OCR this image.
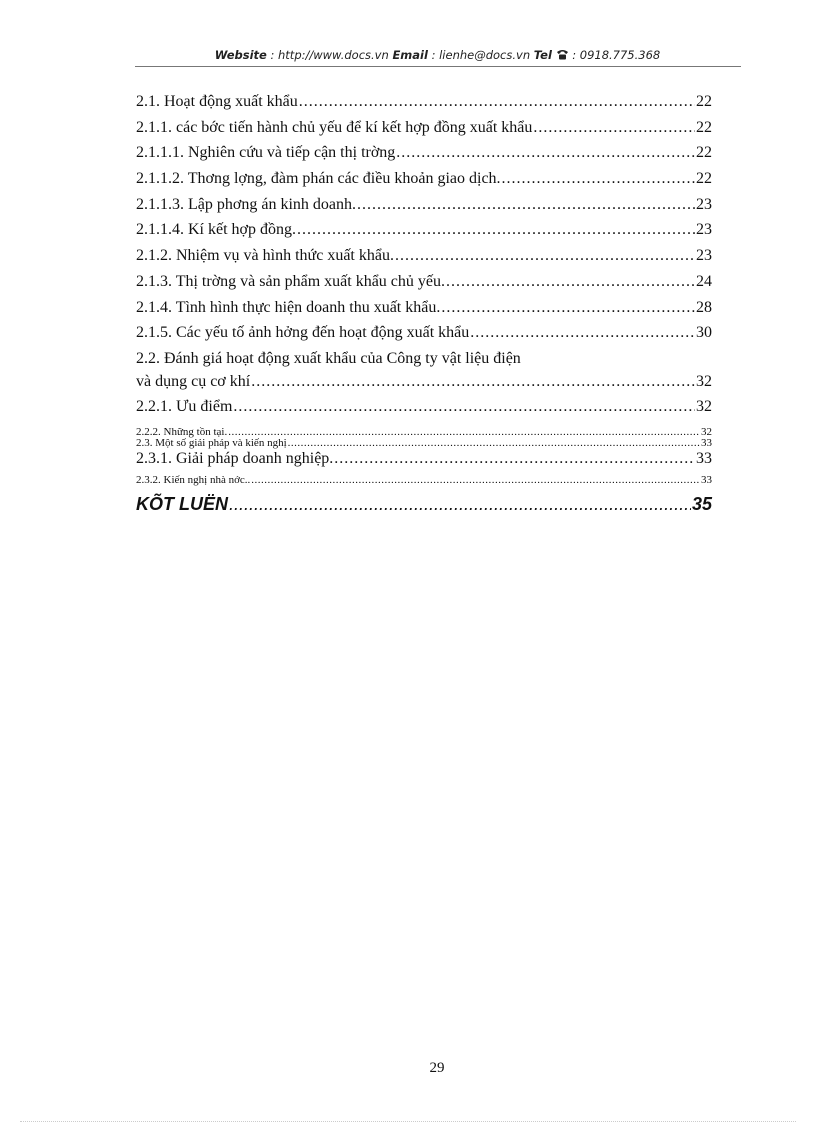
Website : http://www.docs.vn Email : lienhe@docs.vn Tel : 0918.775.368
2.1. Hoạt động xuất khẩu .....	22
2.1.1. các bớc tiến hành chủ yếu để kí kết hợp đồng xuất khẩu .....	22
2.1.1.1. Nghiên cứu và tiếp cận thị trờng .....	22
2.1.1.2. Thơng lợng, đàm phán các điều khoản giao dịch. .....	22
2.1.1.3. Lập phơng án kinh doanh. .....	23
2.1.1.4. Kí kết hợp đồng. .....	23
2.1.2. Nhiệm vụ và hình thức xuất khẩu. .....	23
2.1.3. Thị trờng và sản phẩm xuất khẩu chủ yếu. .....	24
2.1.4. Tình hình thực hiện doanh thu xuất khẩu. .....	28
2.1.5. Các yếu tố ảnh hởng đến hoạt động xuất khẩu .....	30
2.2. Đánh giá hoạt động xuất khẩu của Công ty vật liệu điện
và dụng cụ cơ khí .....	32
2.2.1. Ưu điểm .....	32
2.2.2. Những tồn tại. .....	32
2.3. Một số giải pháp và kiến nghị .....	33
2.3.1. Giải pháp doanh nghiệp. .....	33
2.3.2. Kiến nghị nhà nớc.. .....	33
KÕT LUËN .....	35
29
